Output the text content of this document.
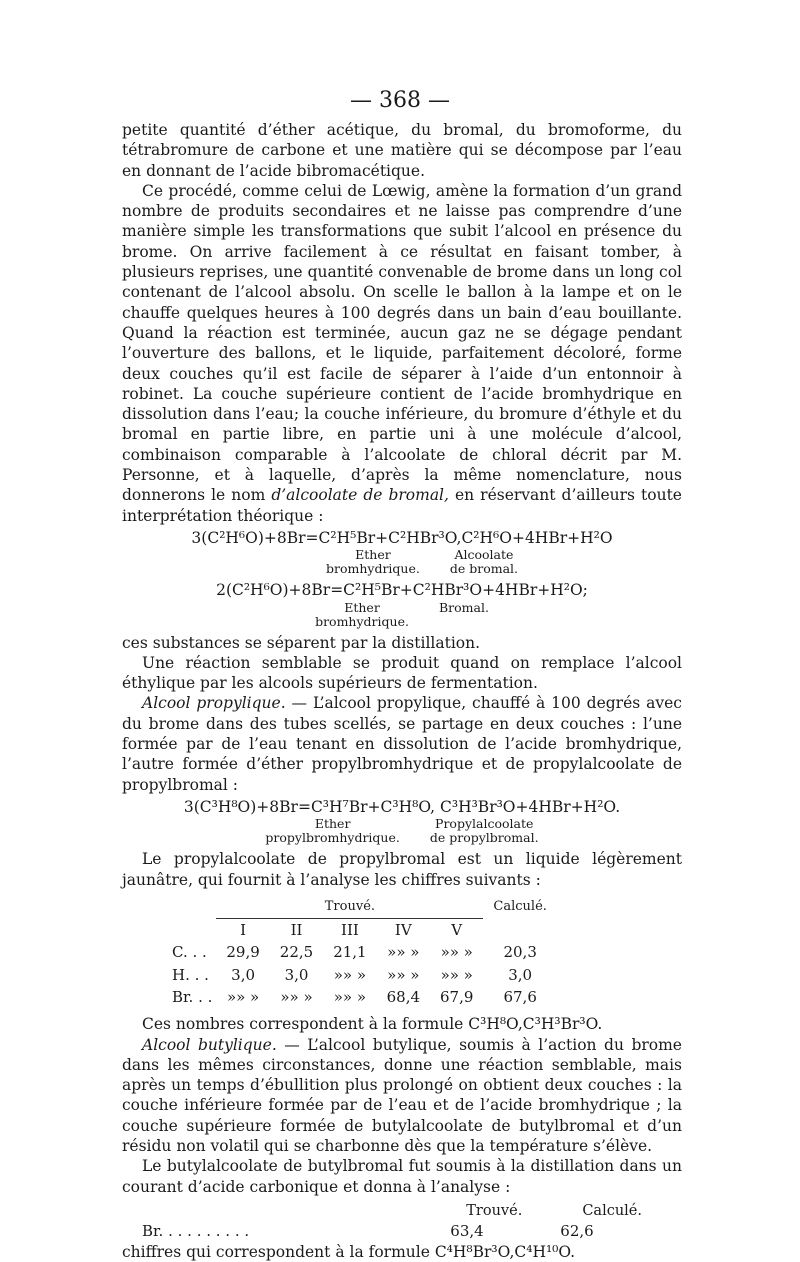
— 368 —

petite quantité d’éther acétique, du bromal, du bromoforme, du tétrabromure de carbone et une matière qui se décompose par l’eau en donnant de l’acide bibromacétique.

Ce procédé, comme celui de Lœwig, amène la formation d’un grand nombre de produits secondaires et ne laisse pas comprendre d’une manière simple les transformations que subit l’alcool en présence du brome. On arrive facilement à ce résultat en faisant tomber, à plusieurs reprises, une quantité convenable de brome dans un long col contenant de l’alcool absolu. On scelle le ballon à la lampe et on le chauffe quelques heures à 100 degrés dans un bain d’eau bouillante. Quand la réaction est terminée, aucun gaz ne se dégage pendant l’ouverture des ballons, et le liquide, parfaitement décoloré, forme deux couches qu’il est facile de séparer à l’aide d’un entonnoir à robinet. La couche supérieure contient de l’acide bromhydrique en dissolution dans l’eau; la couche inférieure, du bromure d’éthyle et du bromal en partie libre, en partie uni à une molécule d’alcool, combinaison comparable à l’alcoolate de chloral décrit par M. Personne, et à laquelle, d’après la même nomenclature, nous donnerons le nom d’alcoolate de bromal, en réservant d’ailleurs toute interprétation théorique :

3(C²H⁶O)+8Br=C²H⁵Br+C²HBr³O,C²H⁶O+4HBr+H²O
Ether
bromhydrique.
Alcoolate
de bromal.
2(C²H⁶O)+8Br=C²H⁵Br+C²HBr³O+4HBr+H²O;
Ether
bromhydrique.
Bromal.

ces substances se séparent par la distillation.

Une réaction semblable se produit quand on remplace l’alcool éthylique par les alcools supérieurs de fermentation.

Alcool propylique. — L’alcool propylique, chauffé à 100 degrés avec du brome dans des tubes scellés, se partage en deux couches : l’une formée par de l’eau tenant en dissolution de l’acide bromhydrique, l’autre formée d’éther propylbromhydrique et de propylalcoolate de propylbromal :

3(C³H⁸O)+8Br=C³H⁷Br+C³H⁸O, C³H³Br³O+4HBr+H²O.
Ether
propylbromhydrique.
Propylalcoolate
de propylbromal.

Le propylalcoolate de propylbromal est un liquide légèrement jaunâtre, qui fournit à l’analyse les chiffres suivants :

	Trouvé.					Calculé.
	I	II	III	IV	V	
C. . .	29,9	22,5	21,1	»» »	»» »	20,3
H. . .	3,0	3,0	»» »	»» »	»» »	3,0
Br. . .	»» »	»» »	»» »	68,4	67,9	67,6

Ces nombres correspondent à la formule C³H⁸O,C³H³Br³O.

Alcool butylique. — L’alcool butylique, soumis à l’action du brome dans les mêmes circonstances, donne une réaction semblable, mais après un temps d’ébullition plus prolongé on obtient deux couches : la couche inférieure formée par de l’eau et de l’acide bromhydrique ; la couche supérieure formée de butylalcoolate de butylbromal et d’un résidu non volatil qui se charbonne dès que la température s’élève.

Le butylalcoolate de butylbromal fut soumis à la distillation dans un courant d’acide carbonique et donna à l’analyse :

Trouvé.	Calculé.
Br. . . . . . . . . .	63,4	62,6

chiffres qui correspondent à la formule C⁴H⁸Br³O,C⁴H¹⁰O.
